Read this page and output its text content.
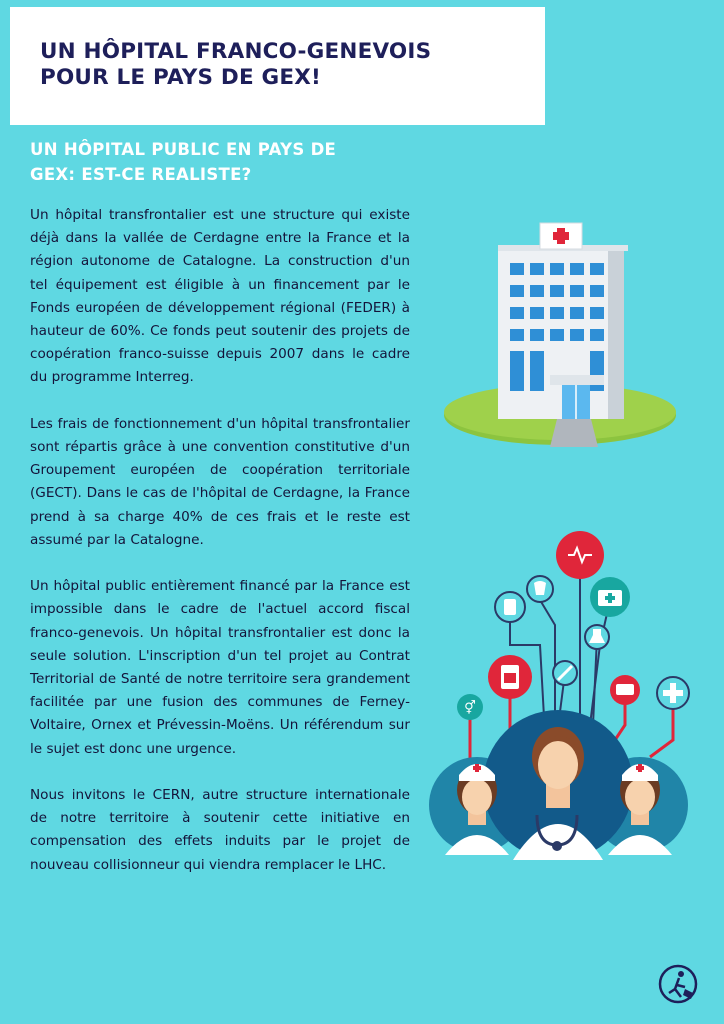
UN HÔPITAL FRANCO-GENEVOIS
POUR LE PAYS DE GEX!
UN HÔPITAL PUBLIC EN PAYS DE
GEX: EST-CE REALISTE?

Un hôpital transfrontalier est une structure qui existe déjà dans la vallée de Cerdagne entre la France et la région autonome de Catalogne. La construction d'un tel équipement est éligible à un financement par le Fonds européen de développement régional (FEDER) à hauteur de 60%. Ce fonds peut soutenir des projets de coopération franco-suisse depuis 2007 dans le cadre du programme Interreg.

Les frais de fonctionnement d'un hôpital transfrontalier sont répartis grâce à une convention constitutive d'un Groupement européen de coopération territoriale (GECT). Dans le cas de l'hôpital de Cerdagne, la France prend à sa charge 40% de ces frais et le reste est assumé par la Catalogne.

Un hôpital public entièrement financé par la France est impossible dans le cadre de l'actuel accord fiscal franco-genevois. Un hôpital transfrontalier est donc la seule solution. L'inscription d'un tel projet au Contrat Territorial de Santé de notre territoire sera grandement facilitée par une fusion des communes de Ferney-Voltaire, Ornex et Prévessin-Moëns. Un référendum sur le sujet est donc une urgence.

Nous invitons le CERN, autre structure internationale de notre territoire à soutenir cette initiative en compensation des effets induits par le projet de nouveau collisionneur qui viendra remplacer le LHC.

⚥
